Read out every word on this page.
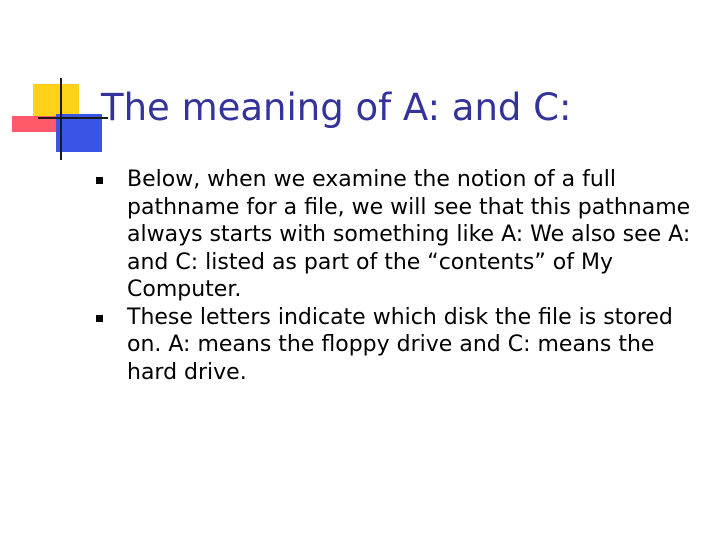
The meaning of A: and C:
Below, when we examine the notion of a full pathname for a file, we will see that this pathname always starts with something like A: We also see A: and C: listed as part of the “contents” of My Computer.
These letters indicate which disk the file is stored on. A: means the floppy drive and C: means the hard drive.
